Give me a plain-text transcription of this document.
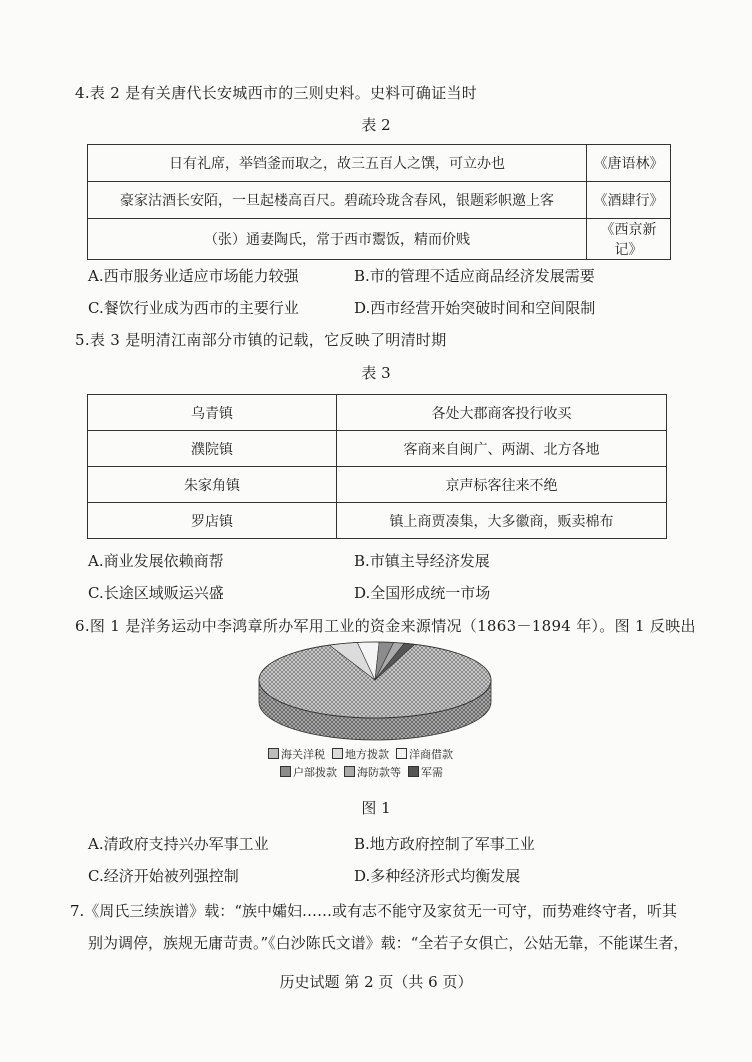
4.表 2 是有关唐代长安城西市的三则史料。史料可确证当时
表 2
日有礼席，举铛釜而取之，故三五百人之馔，可立办也	《唐语林》
豪家沽酒长安陌，一旦起楼高百尺。碧疏玲珑含春风，银题彩帜邀上客	《酒肆行》
（张）通妻陶氏，常于西市鬻饭，精而价贱	《西京新记》
A.西市服务业适应市场能力较强	B.市的管理不适应商品经济发展需要
C.餐饮行业成为西市的主要行业	D.西市经营开始突破时间和空间限制
5.表 3 是明清江南部分市镇的记载，它反映了明清时期
表 3
乌青镇	各处大郡商客投行收买
濮院镇	客商来自闽广、两湖、北方各地
朱家角镇	京声标客往来不绝
罗店镇	镇上商贾凑集，大多徽商，贩卖棉布
A.商业发展依赖商帮	B.市镇主导经济发展
C.长途区域贩运兴盛	D.全国形成统一市场
6.图 1 是洋务运动中李鸿章所办军用工业的资金来源情况（1863－1894 年）。图 1 反映出
海关洋税 地方拨款 洋商借款
户部拨款 海防款等 军需
图 1
A.清政府支持兴办军事工业	B.地方政府控制了军事工业
C.经济开始被列强控制	D.多种经济形式均衡发展
7.《周氏三续族谱》载：“族中孀妇……或有志不能守及家贫无一可守，而势难终守者，听其
别为调停，族规无庸苛责。”《白沙陈氏文谱》载：“全若子女俱亡，公姑无靠，不能谋生者，
历史试题 第 2 页（共 6 页）
